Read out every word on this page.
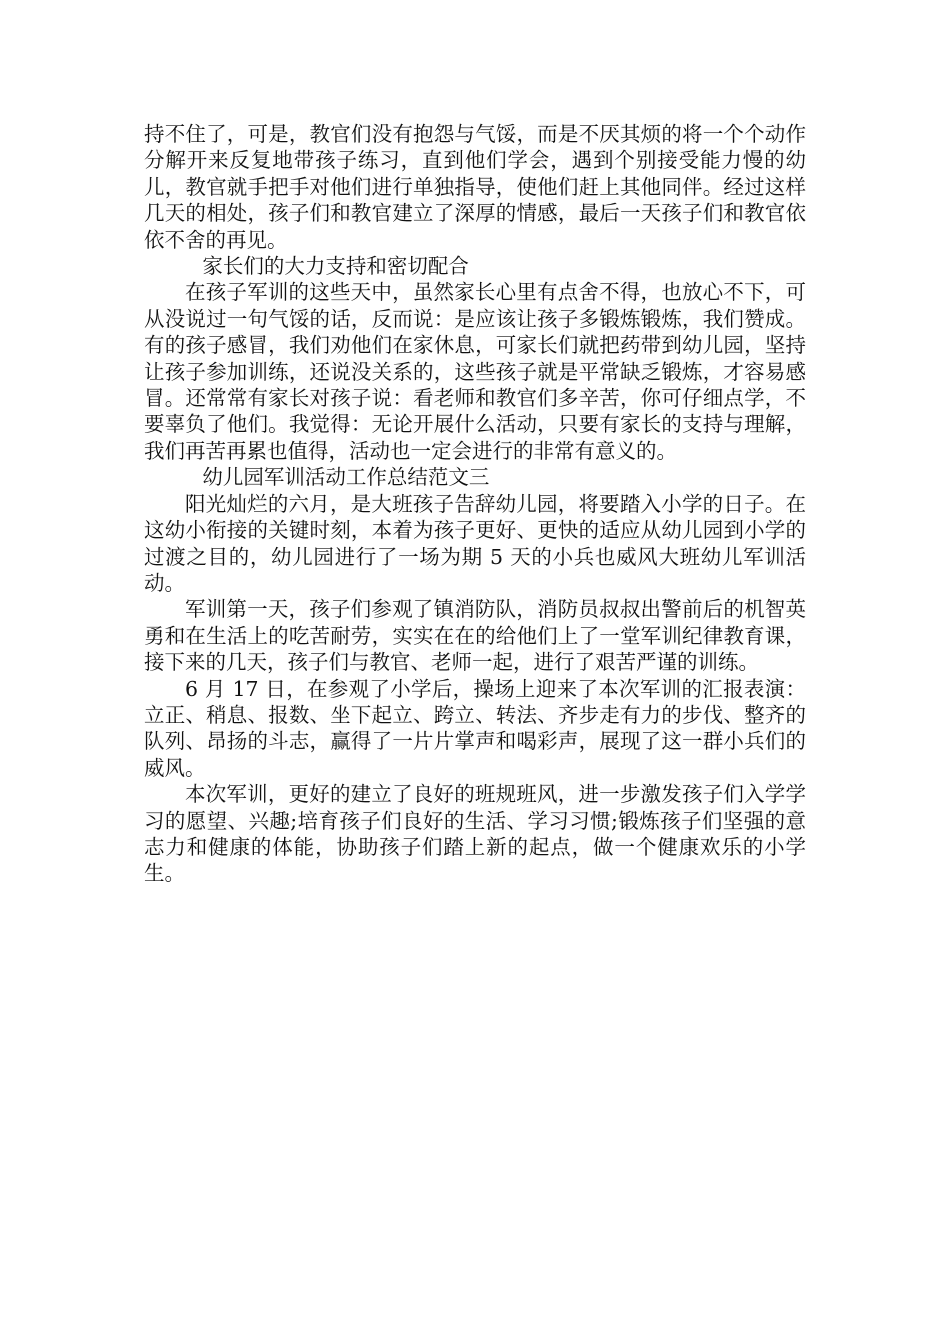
持不住了，可是，教官们没有抱怨与气馁，而是不厌其烦的将一个个动作分解开来反复地带孩子练习，直到他们学会，遇到个别接受能力慢的幼儿，教官就手把手对他们进行单独指导，使他们赶上其他同伴。经过这样几天的相处，孩子们和教官建立了深厚的情感，最后一天孩子们和教官依依不舍的再见。

家长们的大力支持和密切配合

在孩子军训的这些天中，虽然家长心里有点舍不得，也放心不下，可从没说过一句气馁的话，反而说：是应该让孩子多锻炼锻炼，我们赞成。有的孩子感冒，我们劝他们在家休息，可家长们就把药带到幼儿园，坚持让孩子参加训练，还说没关系的，这些孩子就是平常缺乏锻炼，才容易感冒。还常常有家长对孩子说：看老师和教官们多辛苦，你可仔细点学，不要辜负了他们。我觉得：无论开展什么活动，只要有家长的支持与理解，我们再苦再累也值得，活动也一定会进行的非常有意义的。

幼儿园军训活动工作总结范文三

阳光灿烂的六月，是大班孩子告辞幼儿园，将要踏入小学的日子。在这幼小衔接的关键时刻，本着为孩子更好、更快的适应从幼儿园到小学的过渡之目的，幼儿园进行了一场为期 5 天的小兵也威风大班幼儿军训活动。

军训第一天，孩子们参观了镇消防队，消防员叔叔出警前后的机智英勇和在生活上的吃苦耐劳，实实在在的给他们上了一堂军训纪律教育课，接下来的几天，孩子们与教官、老师一起，进行了艰苦严谨的训练。

6 月 17 日，在参观了小学后，操场上迎来了本次军训的汇报表演：立正、稍息、报数、坐下起立、跨立、转法、齐步走有力的步伐、整齐的队列、昂扬的斗志，赢得了一片片掌声和喝彩声，展现了这一群小兵们的威风。

本次军训，更好的建立了良好的班规班风，进一步激发孩子们入学学习的愿望、兴趣;培育孩子们良好的生活、学习习惯;锻炼孩子们坚强的意志力和健康的体能，协助孩子们踏上新的起点，做一个健康欢乐的小学生。
